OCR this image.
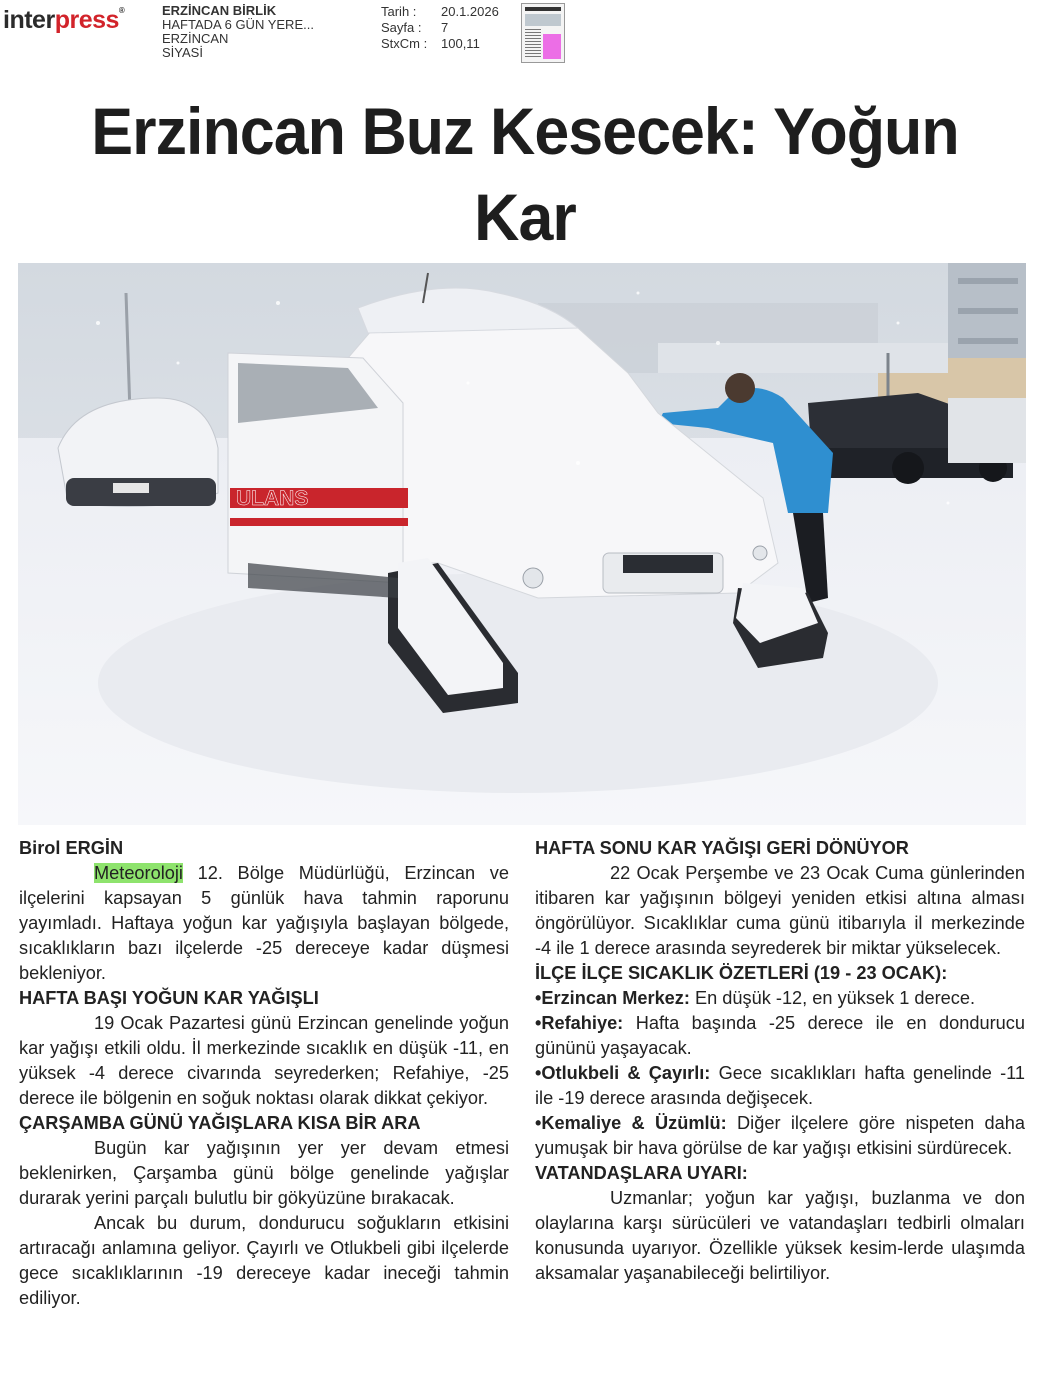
interpress®	ERZİNCAN BİRLİK
HAFTADA 6 GÜN YERE...
ERZİNCAN
SİYASİ
Tarih :	20.1.2026
Sayfa :	7
StxCm :	100,11
Erzincan Buz Kesecek: Yoğun Kar
ULANS

Birol ERGİN

Meteoroloji 12. Bölge Müdürlüğü, Erzincan ve ilçelerini kapsayan 5 günlük hava tahmin raporunu yayımladı. Haftaya yoğun kar yağışıyla başlayan bölgede, sıcaklıkların bazı ilçelerde -25 dereceye kadar düşmesi bekleniyor.

HAFTA BAŞI YOĞUN KAR YAĞIŞLI

19 Ocak Pazartesi günü Erzincan genelinde yoğun kar yağışı etkili oldu. İl merkezinde sıcaklık en düşük -11, en yüksek -4 derece civarında seyrederken; Refahiye, -25 derece ile bölgenin en soğuk noktası olarak dikkat çekiyor.

ÇARŞAMBA GÜNÜ YAĞIŞLARA KISA BİR ARA

Bugün kar yağışının yer yer devam etmesi beklenirken, Çarşamba günü bölge genelinde yağışlar durarak yerini parçalı bulutlu bir gökyüzüne bırakacak.

Ancak bu durum, dondurucu soğukların etkisini artıracağı anlamına geliyor. Çayırlı ve Otlukbeli gibi ilçelerde gece sıcaklıklarının -19 dereceye kadar ineceği tahmin ediliyor.

HAFTA SONU KAR YAĞIŞI GERİ DÖNÜYOR

22 Ocak Perşembe ve 23 Ocak Cuma günlerinden itibaren kar yağışının bölgeyi yeniden etkisi altına alması öngörülüyor. Sıcaklıklar cuma günü itibarıyla il merkezinde -4 ile 1 derece arasında seyrederek bir miktar yükselecek.

İLÇE İLÇE SICAKLIK ÖZETLERİ (19 - 23 OCAK):

•Erzincan Merkez: En düşük -12, en yüksek 1 derece.

•Refahiye: Hafta başında -25 derece ile en dondurucu gününü yaşayacak.

•Otlukbeli & Çayırlı: Gece sıcaklıkları hafta genelinde -11 ile -19 derece arasında değişecek.

•Kemaliye & Üzümlü: Diğer ilçelere göre nispeten daha yumuşak bir hava görülse de kar yağışı etkisini sürdürecek.

VATANDAŞLARA UYARI:

Uzmanlar; yoğun kar yağışı, buzlanma ve don olaylarına karşı sürücüleri ve vatandaşları tedbirli olmaları konusunda uyarıyor. Özellikle yüksek kesim-lerde ulaşımda aksamalar yaşanabileceği belirtiliyor.
